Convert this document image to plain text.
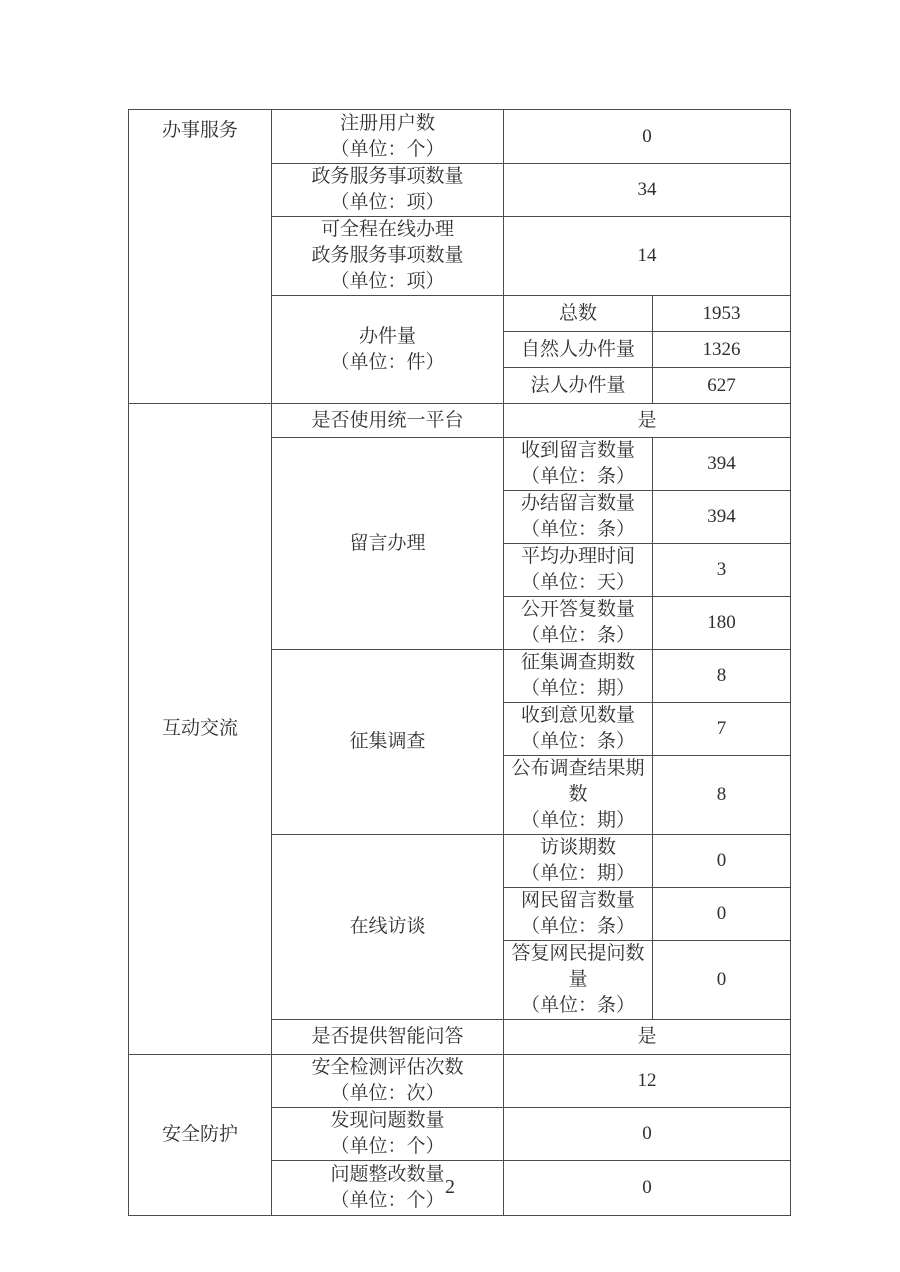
办事服务	注册用户数
（单位：个）	0	

	政务服务事项数量
（单位：项）	34	

	可全程在线办理
政务服务事项数量
（单位：项）	14	

	办件量
（单位：件）	总数	1953
		自然人办件量	1326
		法人办件量	627
互动交流	是否使用统一平台	是	
	留言办理	收到留言数量
（单位：条）	394

		办结留言数量
（单位：条）	394

		平均办理时间
（单位：天）	3

		公开答复数量
（单位：条）	180
	征集调查	征集调查期数
（单位：期）	8

		收到意见数量
（单位：条）	7

		公布调查结果期数
（单位：期）	8
	在线访谈	访谈期数
（单位：期）	0

		网民留言数量
（单位：条）	0

		答复网民提问数量
（单位：条）	0
	是否提供智能问答	是	
安全防护	安全检测评估次数
（单位：次）	12	

	发现问题数量
（单位：个）	0	

	问题整改数量
（单位：个）	0	
2
